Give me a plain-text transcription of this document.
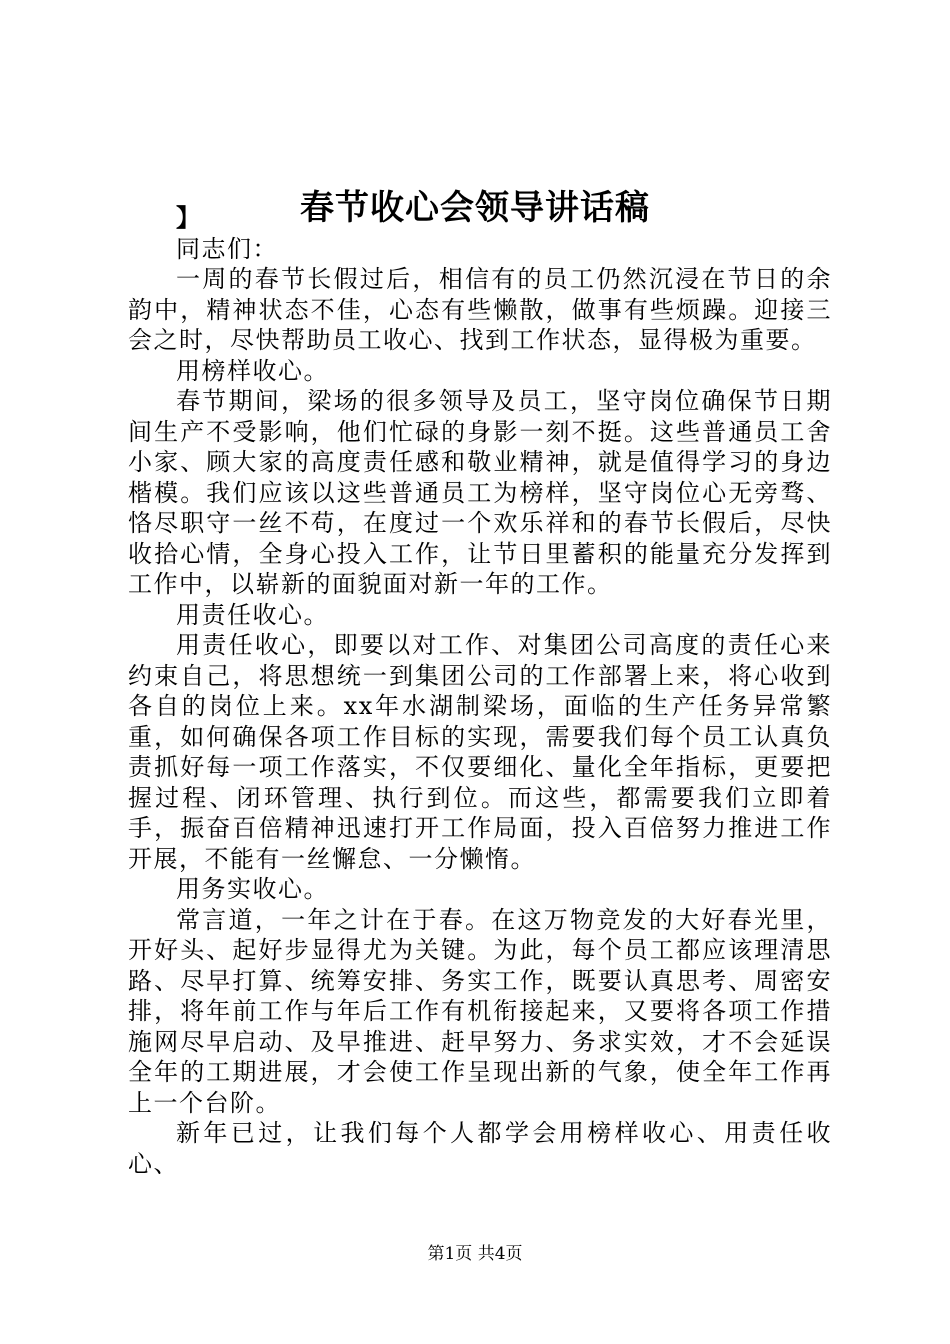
春节收心会领导讲话稿

】

同志们：

一周的春节长假过后，相信有的员工仍然沉浸在节日的余韵中，精神状态不佳，心态有些懒散，做事有些烦躁。迎接三会之时，尽快帮助员工收心、找到工作状态，显得极为重要。

用榜样收心。

春节期间，梁场的很多领导及员工，坚守岗位确保节日期间生产不受影响，他们忙碌的身影一刻不挺。这些普通员工舍小家、顾大家的高度责任感和敬业精神，就是值得学习的身边楷模。我们应该以这些普通员工为榜样，坚守岗位心无旁骛、恪尽职守一丝不苟，在度过一个欢乐祥和的春节长假后，尽快收拾心情，全身心投入工作，让节日里蓄积的能量充分发挥到工作中，以崭新的面貌面对新一年的工作。

用责任收心。

用责任收心，即要以对工作、对集团公司高度的责任心来约束自己，将思想统一到集团公司的工作部署上来，将心收到各自的岗位上来。xx年水湖制梁场，面临的生产任务异常繁重，如何确保各项工作目标的实现，需要我们每个员工认真负责抓好每一项工作落实，不仅要细化、量化全年指标，更要把握过程、闭环管理、执行到位。而这些，都需要我们立即着手，振奋百倍精神迅速打开工作局面，投入百倍努力推进工作开展，不能有一丝懈怠、一分懒惰。

用务实收心。

常言道，一年之计在于春。在这万物竞发的大好春光里，开好头、起好步显得尤为关键。为此，每个员工都应该理清思路、尽早打算、统筹安排、务实工作，既要认真思考、周密安排，将年前工作与年后工作有机衔接起来，又要将各项工作措施网尽早启动、及早推进、赶早努力、务求实效，才不会延误全年的工期进展，才会使工作呈现出新的气象，使全年工作再上一个台阶。

新年已过，让我们每个人都学会用榜样收心、用责任收心、

第1页 共4页
